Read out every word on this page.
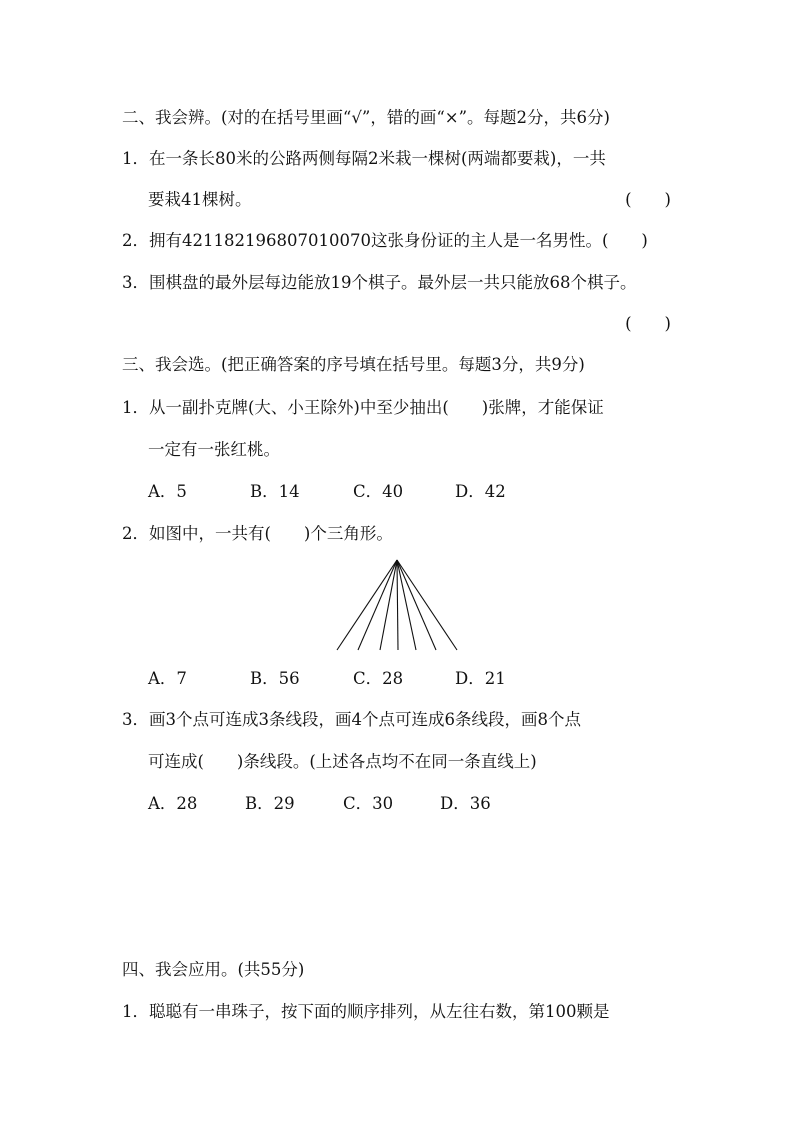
二、我会辨。(对的在括号里画“√”，错的画“×”。每题2分，共6分)
1．在一条长80米的公路两侧每隔2米栽一棵树(两端都要栽)，一共
要栽41棵树。	(　　)
2．拥有421182196807010070这张身份证的主人是一名男性。(　　)
3．围棋盘的最外层每边能放19个棋子。最外层一共只能放68个棋子。
(　　)
三、我会选。(把正确答案的序号填在括号里。每题3分，共9分)
1．从一副扑克牌(大、小王除外)中至少抽出(　　)张牌，才能保证
一定有一张红桃。
A．5	B．14	C．40	D．42
2．如图中，一共有(　　)个三角形。
A．7	B．56	C．28	D．21
3．画3个点可连成3条线段，画4个点可连成6条线段，画8个点
可连成(　　)条线段。(上述各点均不在同一条直线上)
A．28	B．29	C．30	D．36
四、我会应用。(共55分)
1．聪聪有一串珠子，按下面的顺序排列，从左往右数，第100颗是
